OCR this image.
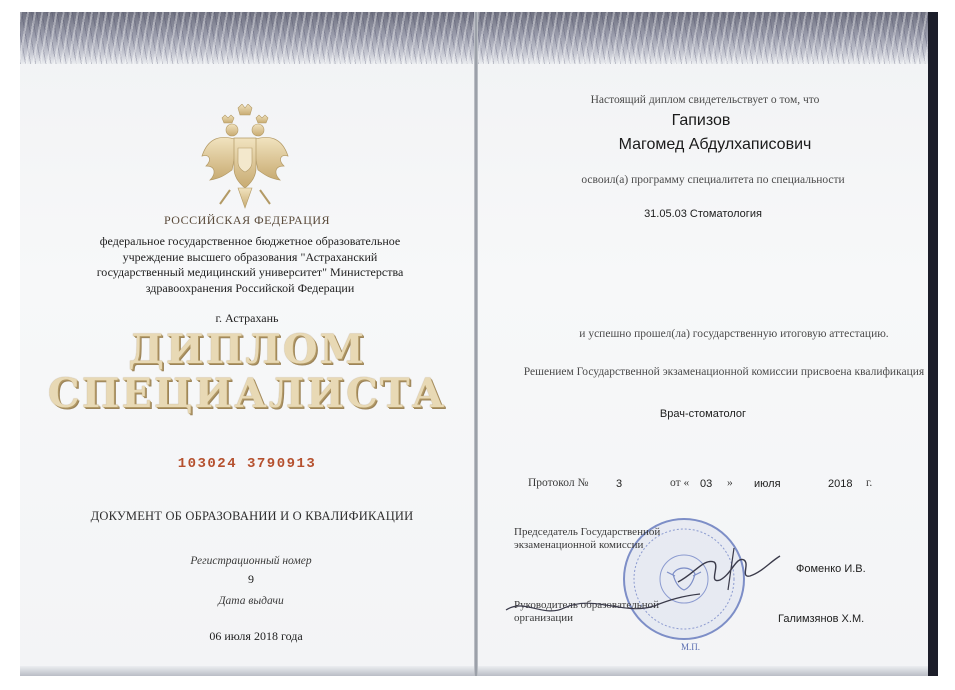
РОССИЙСКАЯ ФЕДЕРАЦИЯ
федеральное государственное бюджетное образовательное учреждение высшего образования "Астраханский государственный медицинский университет" Министерства здравоохранения Российской Федерации
г. Астрахань
ДИПЛОМ
СПЕЦИАЛИСТА
103024 3790913
ДОКУМЕНТ ОБ ОБРАЗОВАНИИ И О КВАЛИФИКАЦИИ
Регистрационный номер
9
Дата выдачи
06 июля 2018 года
Настоящий диплом свидетельствует о том, что
Гапизов
Магомед Абдулхаписович
освоил(а) программу специалитета по специальности
31.05.03 Стоматология
и успешно прошел(ла) государственную итоговую аттестацию.
Решением Государственной экзаменационной комиссии присвоена квалификация
Врач-стоматолог
Протокол №	3	от « 03 » июля	2018 г.
М.П.
Председатель Государственной экзаменационной комиссии
Фоменко И.В.
Руководитель образовательной организации	Галимзянов Х.М.
